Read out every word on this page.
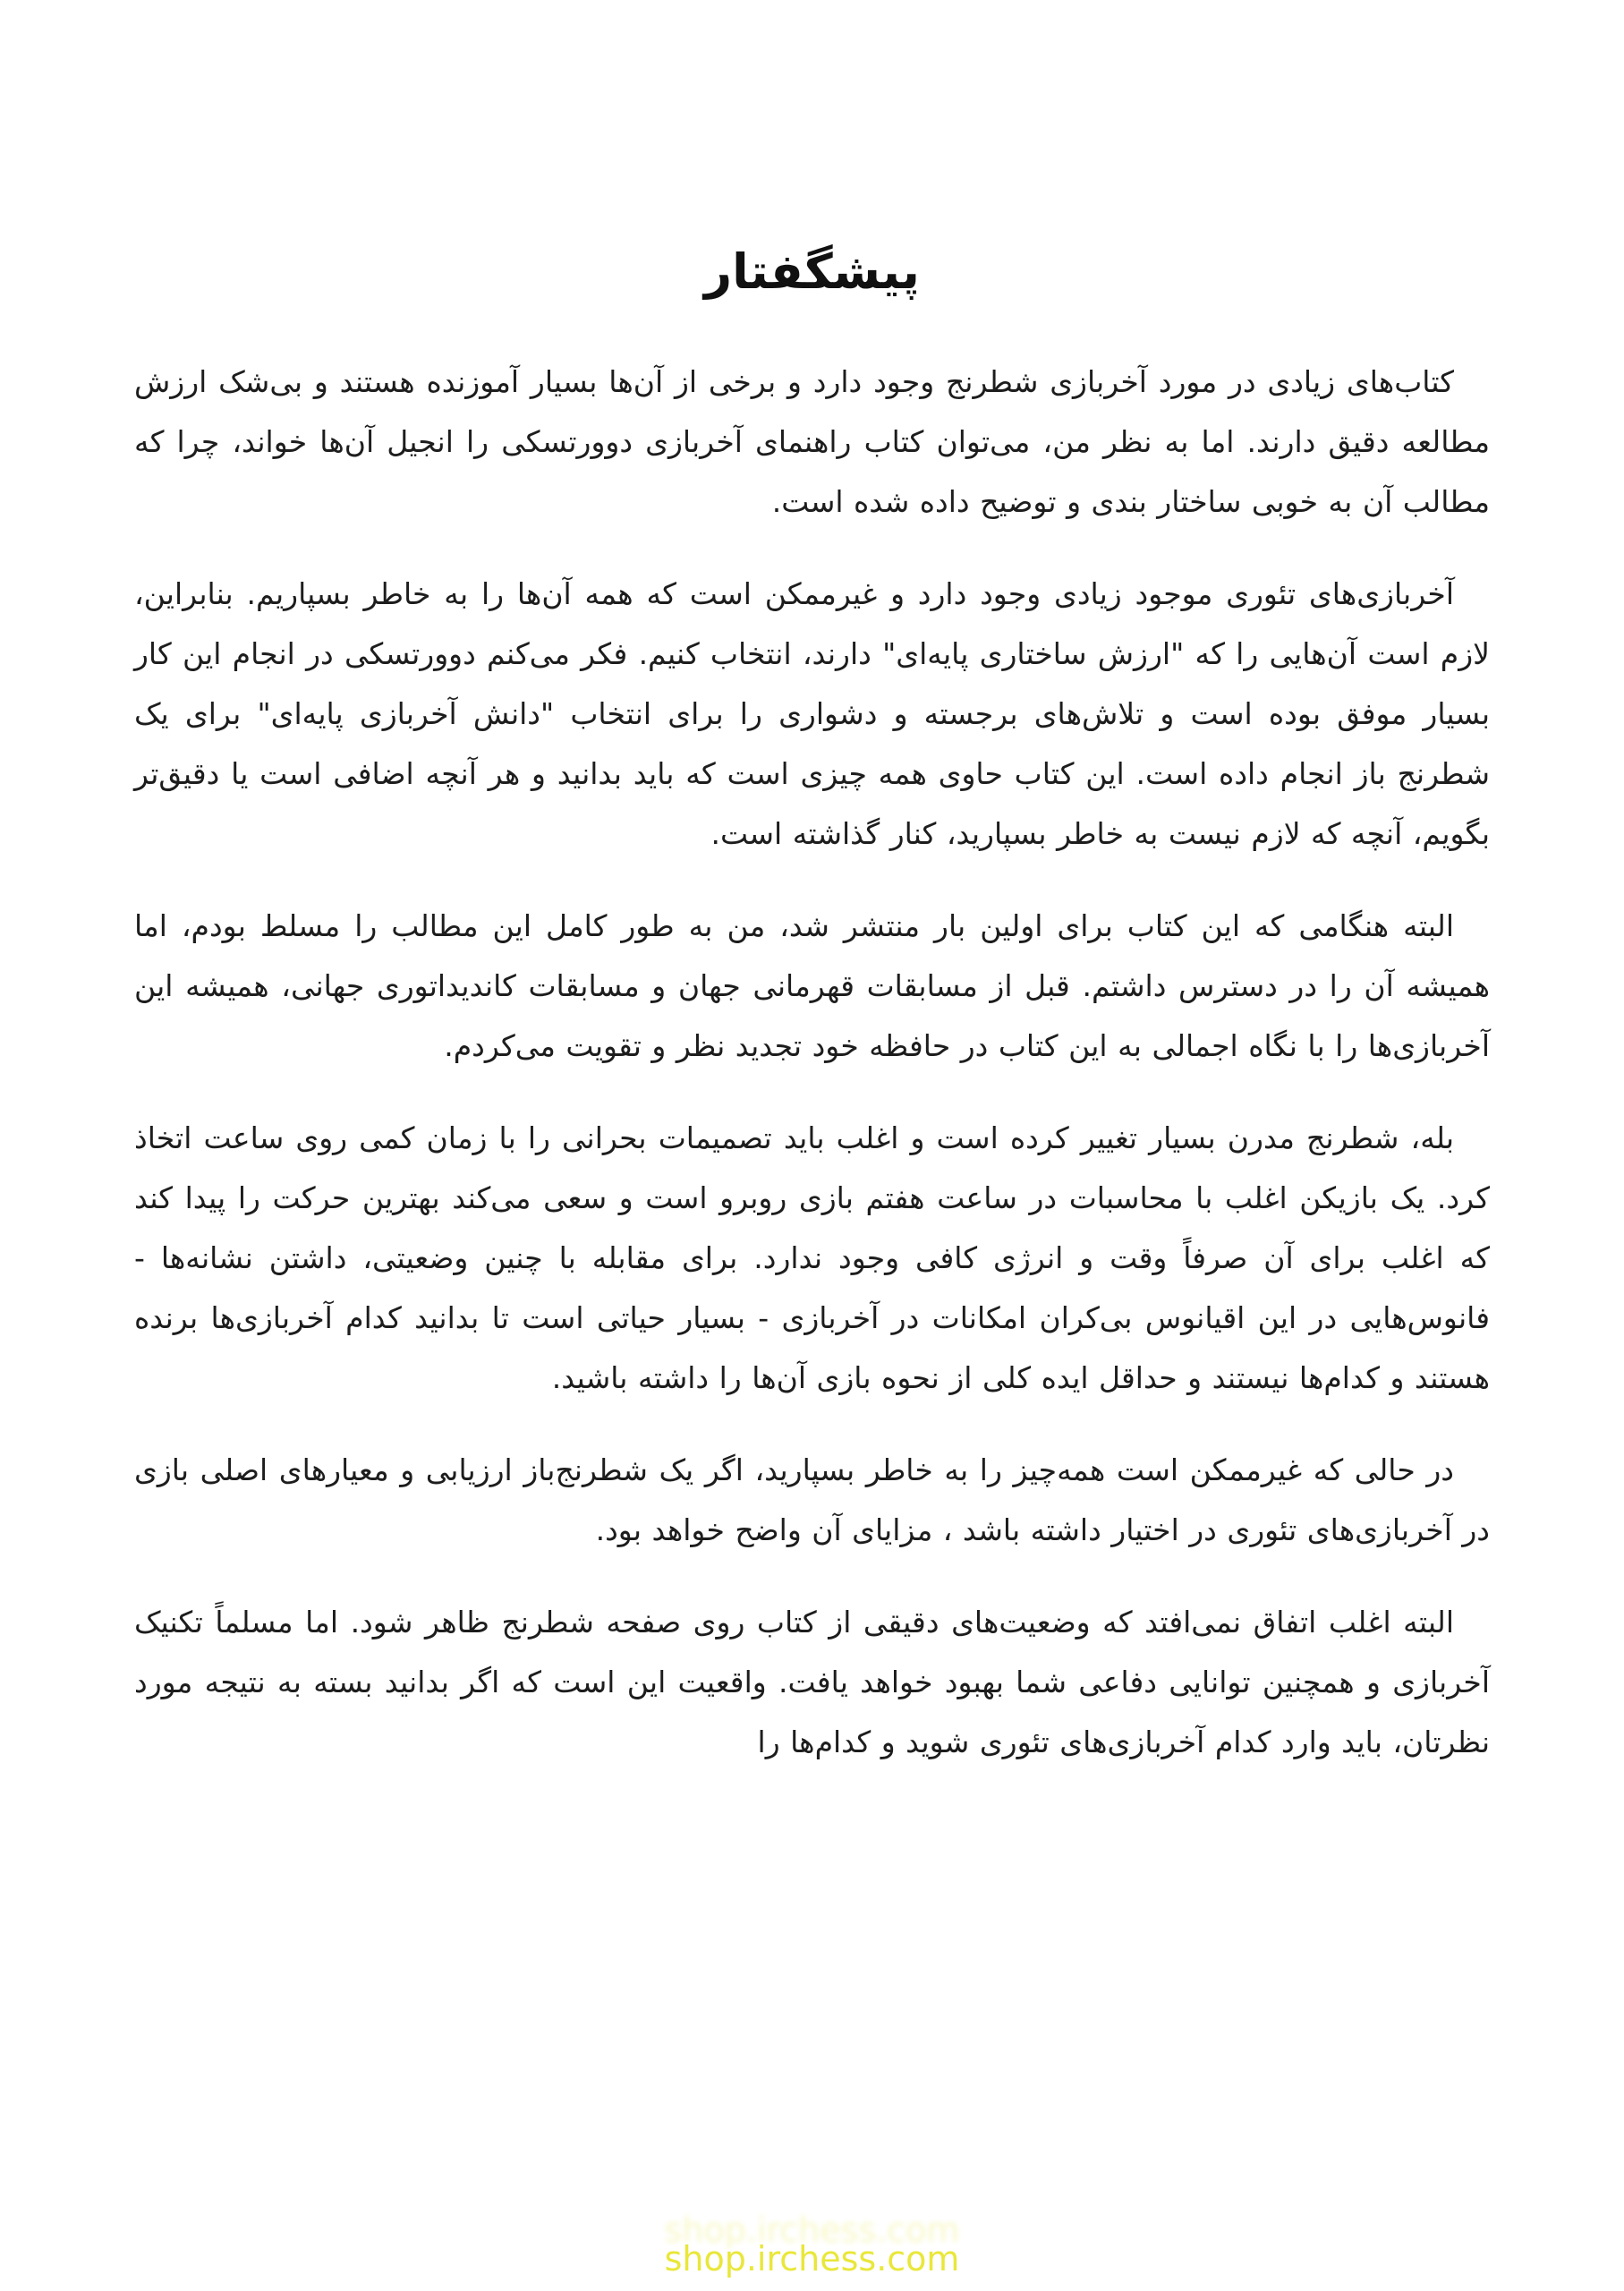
پیشگفتار

کتاب‌های زیادی در مورد آخربازی شطرنج وجود دارد و برخی از آن‌ها بسیار آموزنده هستند و بی‌شک ارزش مطالعه دقیق دارند. اما به نظر من، می‌توان کتاب راهنمای آخربازی دوورتسکی را انجیل آن‌ها خواند، چرا که مطالب آن به خوبی ساختار بندی و توضیح داده شده است.

آخربازی‌های تئوری موجود زیادی وجود دارد و غیرممکن است که همه آن‌ها را به خاطر بسپاریم. بنابراین، لازم است آن‌هایی را که "ارزش ساختاری پایه‌ای" دارند، انتخاب کنیم. فکر می‌کنم دوورتسکی در انجام این کار بسیار موفق بوده است و تلاش‌های برجسته و دشواری را برای انتخاب "دانش آخربازی پایه‌ای" برای یک شطرنج باز انجام داده است. این کتاب حاوی همه چیزی است که باید بدانید و هر آنچه اضافی است یا دقیق‌تر بگویم، آنچه که لازم نیست به خاطر بسپارید، کنار گذاشته است.

البته هنگامی که این کتاب برای اولین بار منتشر شد، من به طور کامل این مطالب را مسلط بودم، اما همیشه آن را در دسترس داشتم. قبل از مسابقات قهرمانی جهان و مسابقات کاندیداتوری جهانی، همیشه این آخربازی‌ها را با نگاه اجمالی به این کتاب در حافظه خود تجدید نظر و تقویت می‌کردم.

بله، شطرنج مدرن بسیار تغییر کرده است و اغلب باید تصمیمات بحرانی را با زمان کمی روی ساعت اتخاذ کرد. یک بازیکن اغلب با محاسبات در ساعت هفتم بازی روبرو است و سعی می‌کند بهترین حرکت را پیدا کند که اغلب برای آن صرفاً وقت و انرژی کافی وجود ندارد. برای مقابله با چنین وضعیتی، داشتن نشانه‌ها - فانوس‌هایی در این اقیانوس بی‌کران امکانات در آخربازی - بسیار حیاتی است تا بدانید کدام آخربازی‌ها برنده هستند و کدام‌ها نیستند و حداقل ایده کلی از نحوه بازی آن‌ها را داشته باشید.

در حالی که غیرممکن است همه‌چیز را به خاطر بسپارید، اگر یک شطرنج‌باز ارزیابی و معیارهای اصلی بازی در آخربازی‌های تئوری در اختیار داشته باشد ، مزایای آن واضح خواهد بود.

البته اغلب اتفاق نمی‌افتد که وضعیت‌های دقیقی از کتاب روی صفحه شطرنج ظاهر شود. اما مسلماً تکنیک آخربازی و همچنین توانایی دفاعی شما بهبود خواهد یافت. واقعیت این است که اگر بدانید بسته به نتیجه مورد نظرتان، باید وارد کدام آخربازی‌های تئوری شوید و کدام‌ها را

shop.irchess.com
shop.irchess.com
